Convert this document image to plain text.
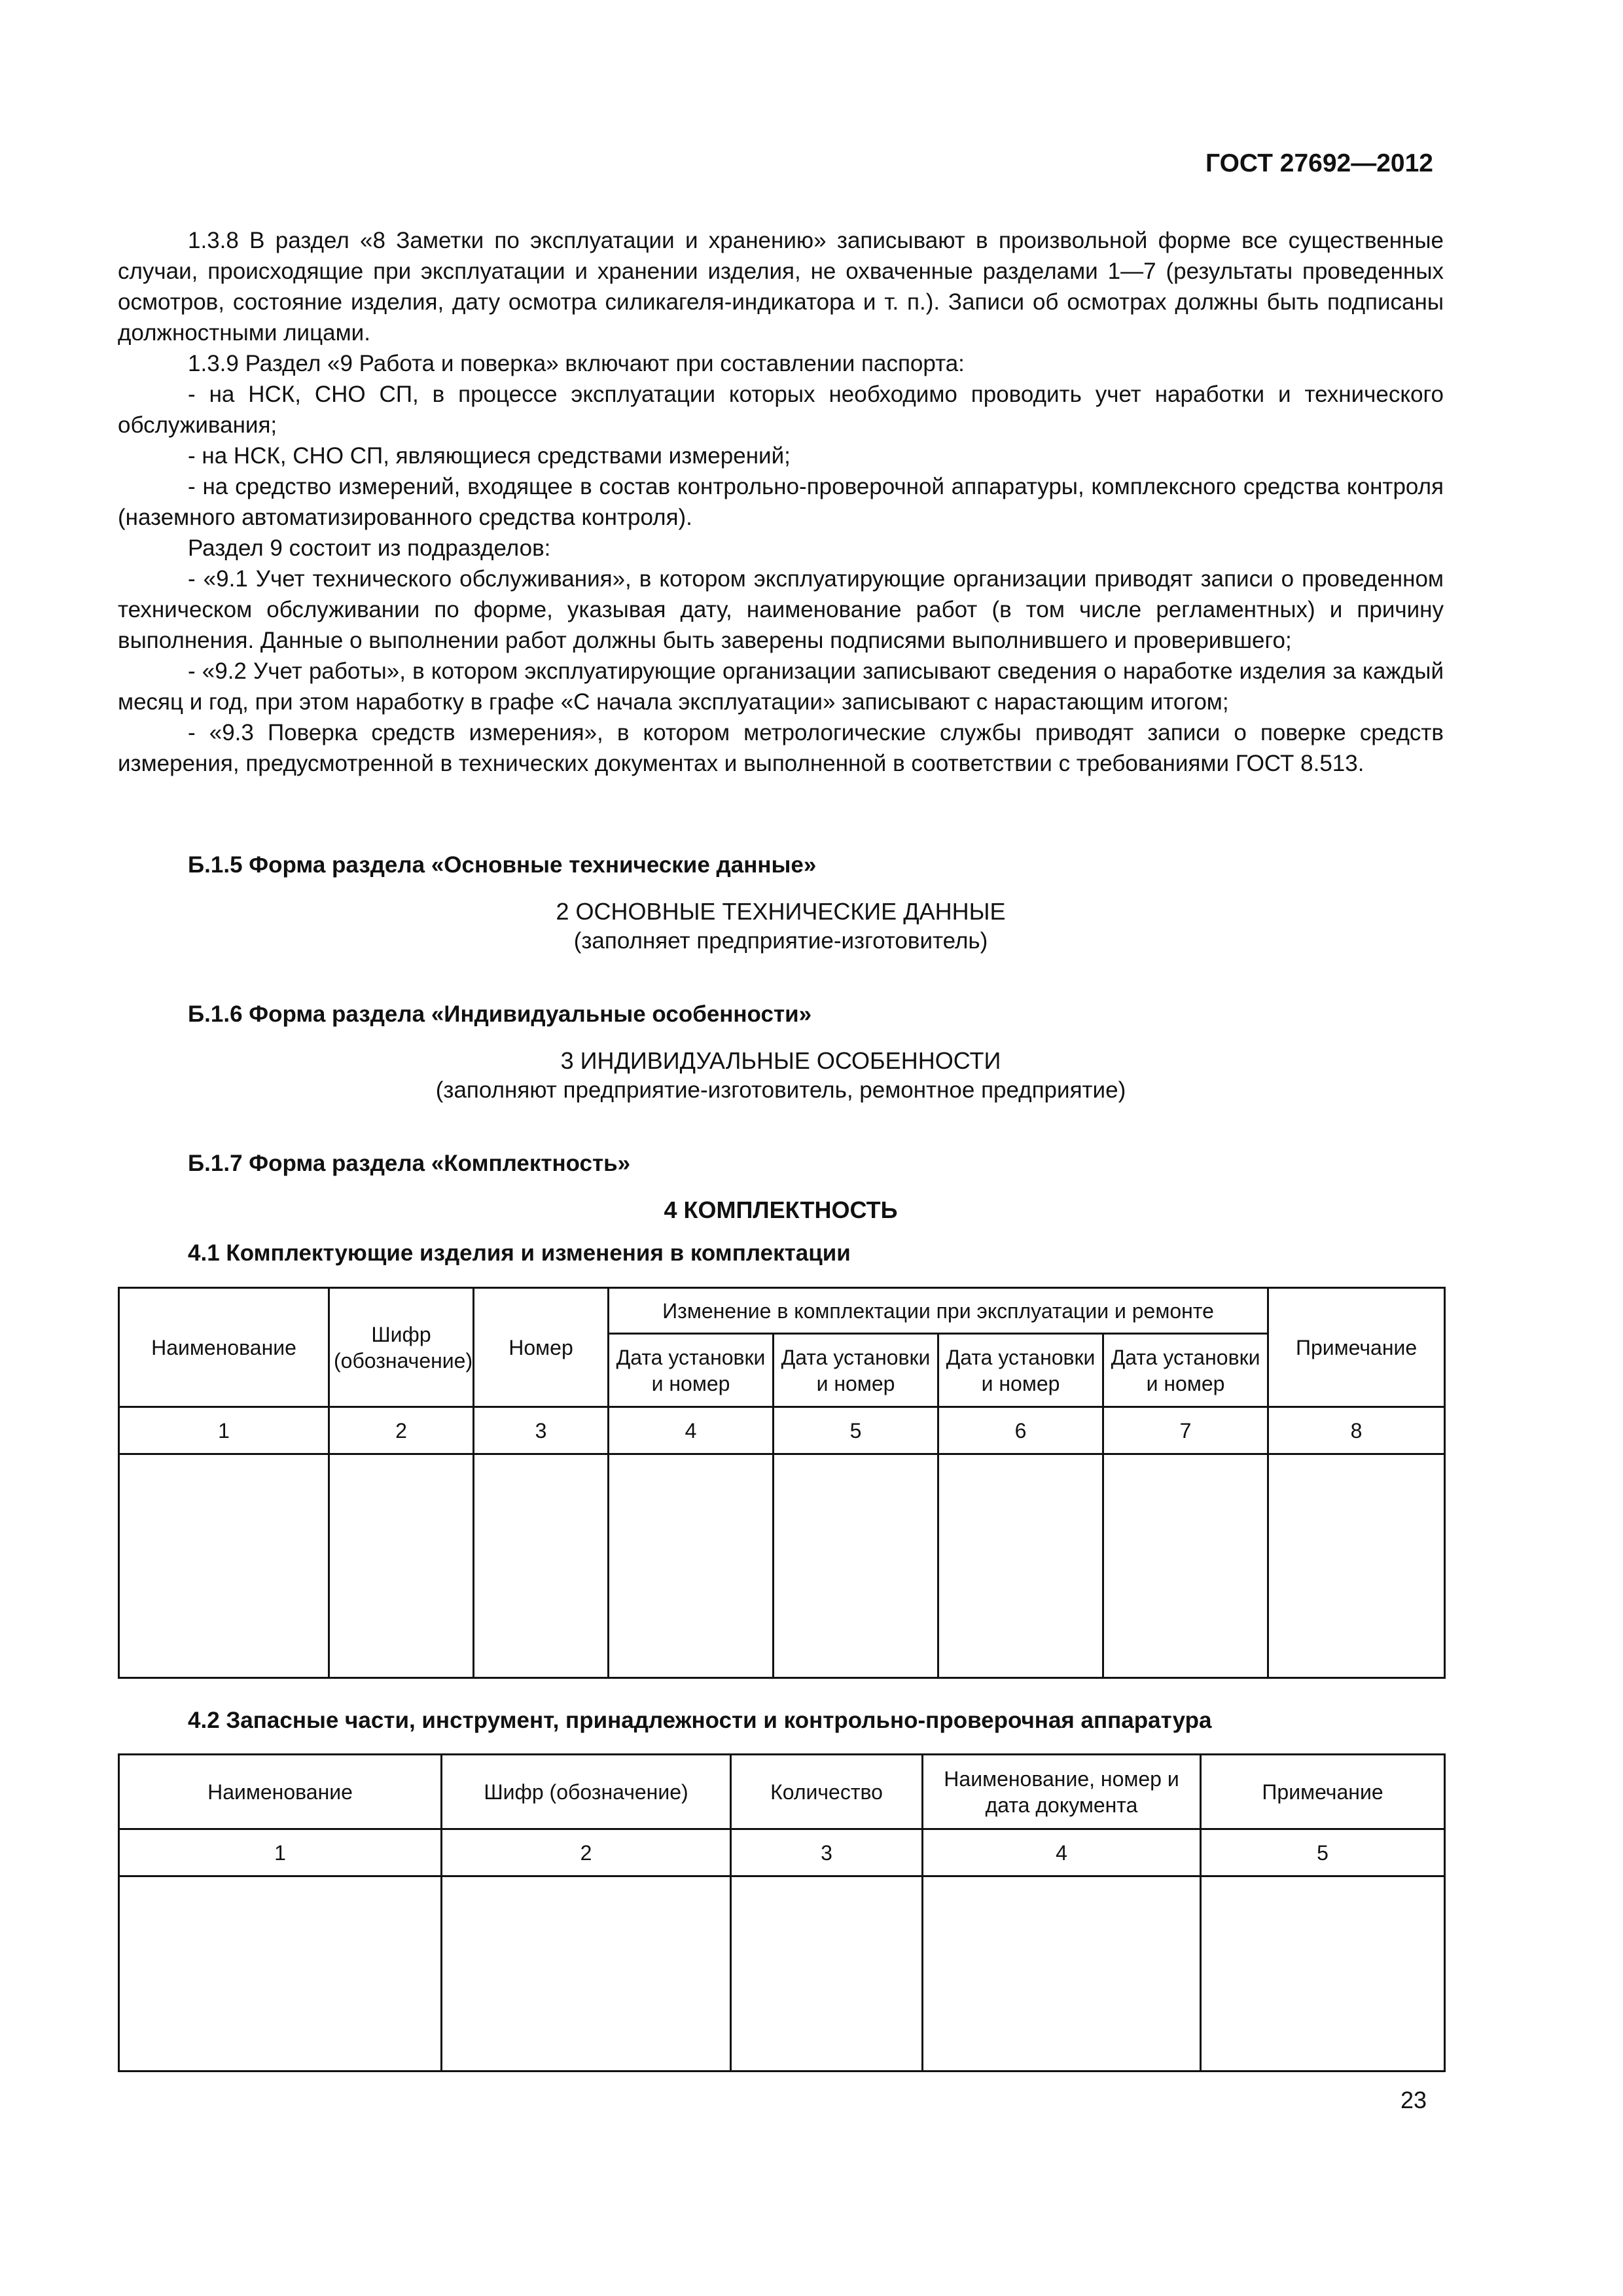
ГОСТ 27692—2012

1.3.8 В раздел «8 Заметки по эксплуатации и хранению» записывают в произвольной форме все существенные случаи, происходящие при эксплуатации и хранении изделия, не охваченные разделами 1—7 (результаты проведенных осмотров, состояние изделия, дату осмотра силикагеля-индикатора и т. п.). Записи об осмотрах должны быть подписаны должностными лицами.

1.3.9 Раздел «9 Работа и поверка» включают при составлении паспорта:

- на НСК, СНО СП, в процессе эксплуатации которых необходимо проводить учет наработки и технического обслуживания;

- на НСК, СНО СП, являющиеся средствами измерений;

- на средство измерений, входящее в состав контрольно-проверочной аппаратуры, комплексного средства контроля (наземного автоматизированного средства контроля).

Раздел 9 состоит из подразделов:

- «9.1 Учет технического обслуживания», в котором эксплуатирующие организации приводят записи о проведенном техническом обслуживании по форме, указывая дату, наименование работ (в том числе регламентных) и причину выполнения. Данные о выполнении работ должны быть заверены подписями выполнившего и проверившего;

- «9.2 Учет работы», в котором эксплуатирующие организации записывают сведения о наработке изделия за каждый месяц и год, при этом наработку в графе «С начала эксплуатации» записывают с нарастающим итогом;

- «9.3 Поверка средств измерения», в котором метрологические службы приводят записи о поверке средств измерения, предусмотренной в технических документах и выполненной в соответствии с требованиями ГОСТ 8.513.

Б.1.5 Форма раздела «Основные технические данные»
2 ОСНОВНЫЕ ТЕХНИЧЕСКИЕ ДАННЫЕ
(заполняет предприятие-изготовитель)
Б.1.6 Форма раздела «Индивидуальные особенности»
3 ИНДИВИДУАЛЬНЫЕ ОСОБЕННОСТИ
(заполняют предприятие-изготовитель, ремонтное предприятие)
Б.1.7 Форма раздела «Комплектность»
4 КОМПЛЕКТНОСТЬ
4.1 Комплектующие изделия и изменения в комплектации
Наименование	Шифр (обозначение)	Номер	Изменение в комплектации при эксплуатации и ремонте				Примечание
			Дата установки и номер	Дата установки и номер	Дата установки и номер	Дата установки и номер	
1	2	3	4	5	6	7	8

4.2 Запасные части, инструмент, принадлежности и контрольно-проверочная аппаратура
Наименование	Шифр (обозначение)	Количество	Наименование, номер и дата документа	Примечание
1	2	3	4	5

23
